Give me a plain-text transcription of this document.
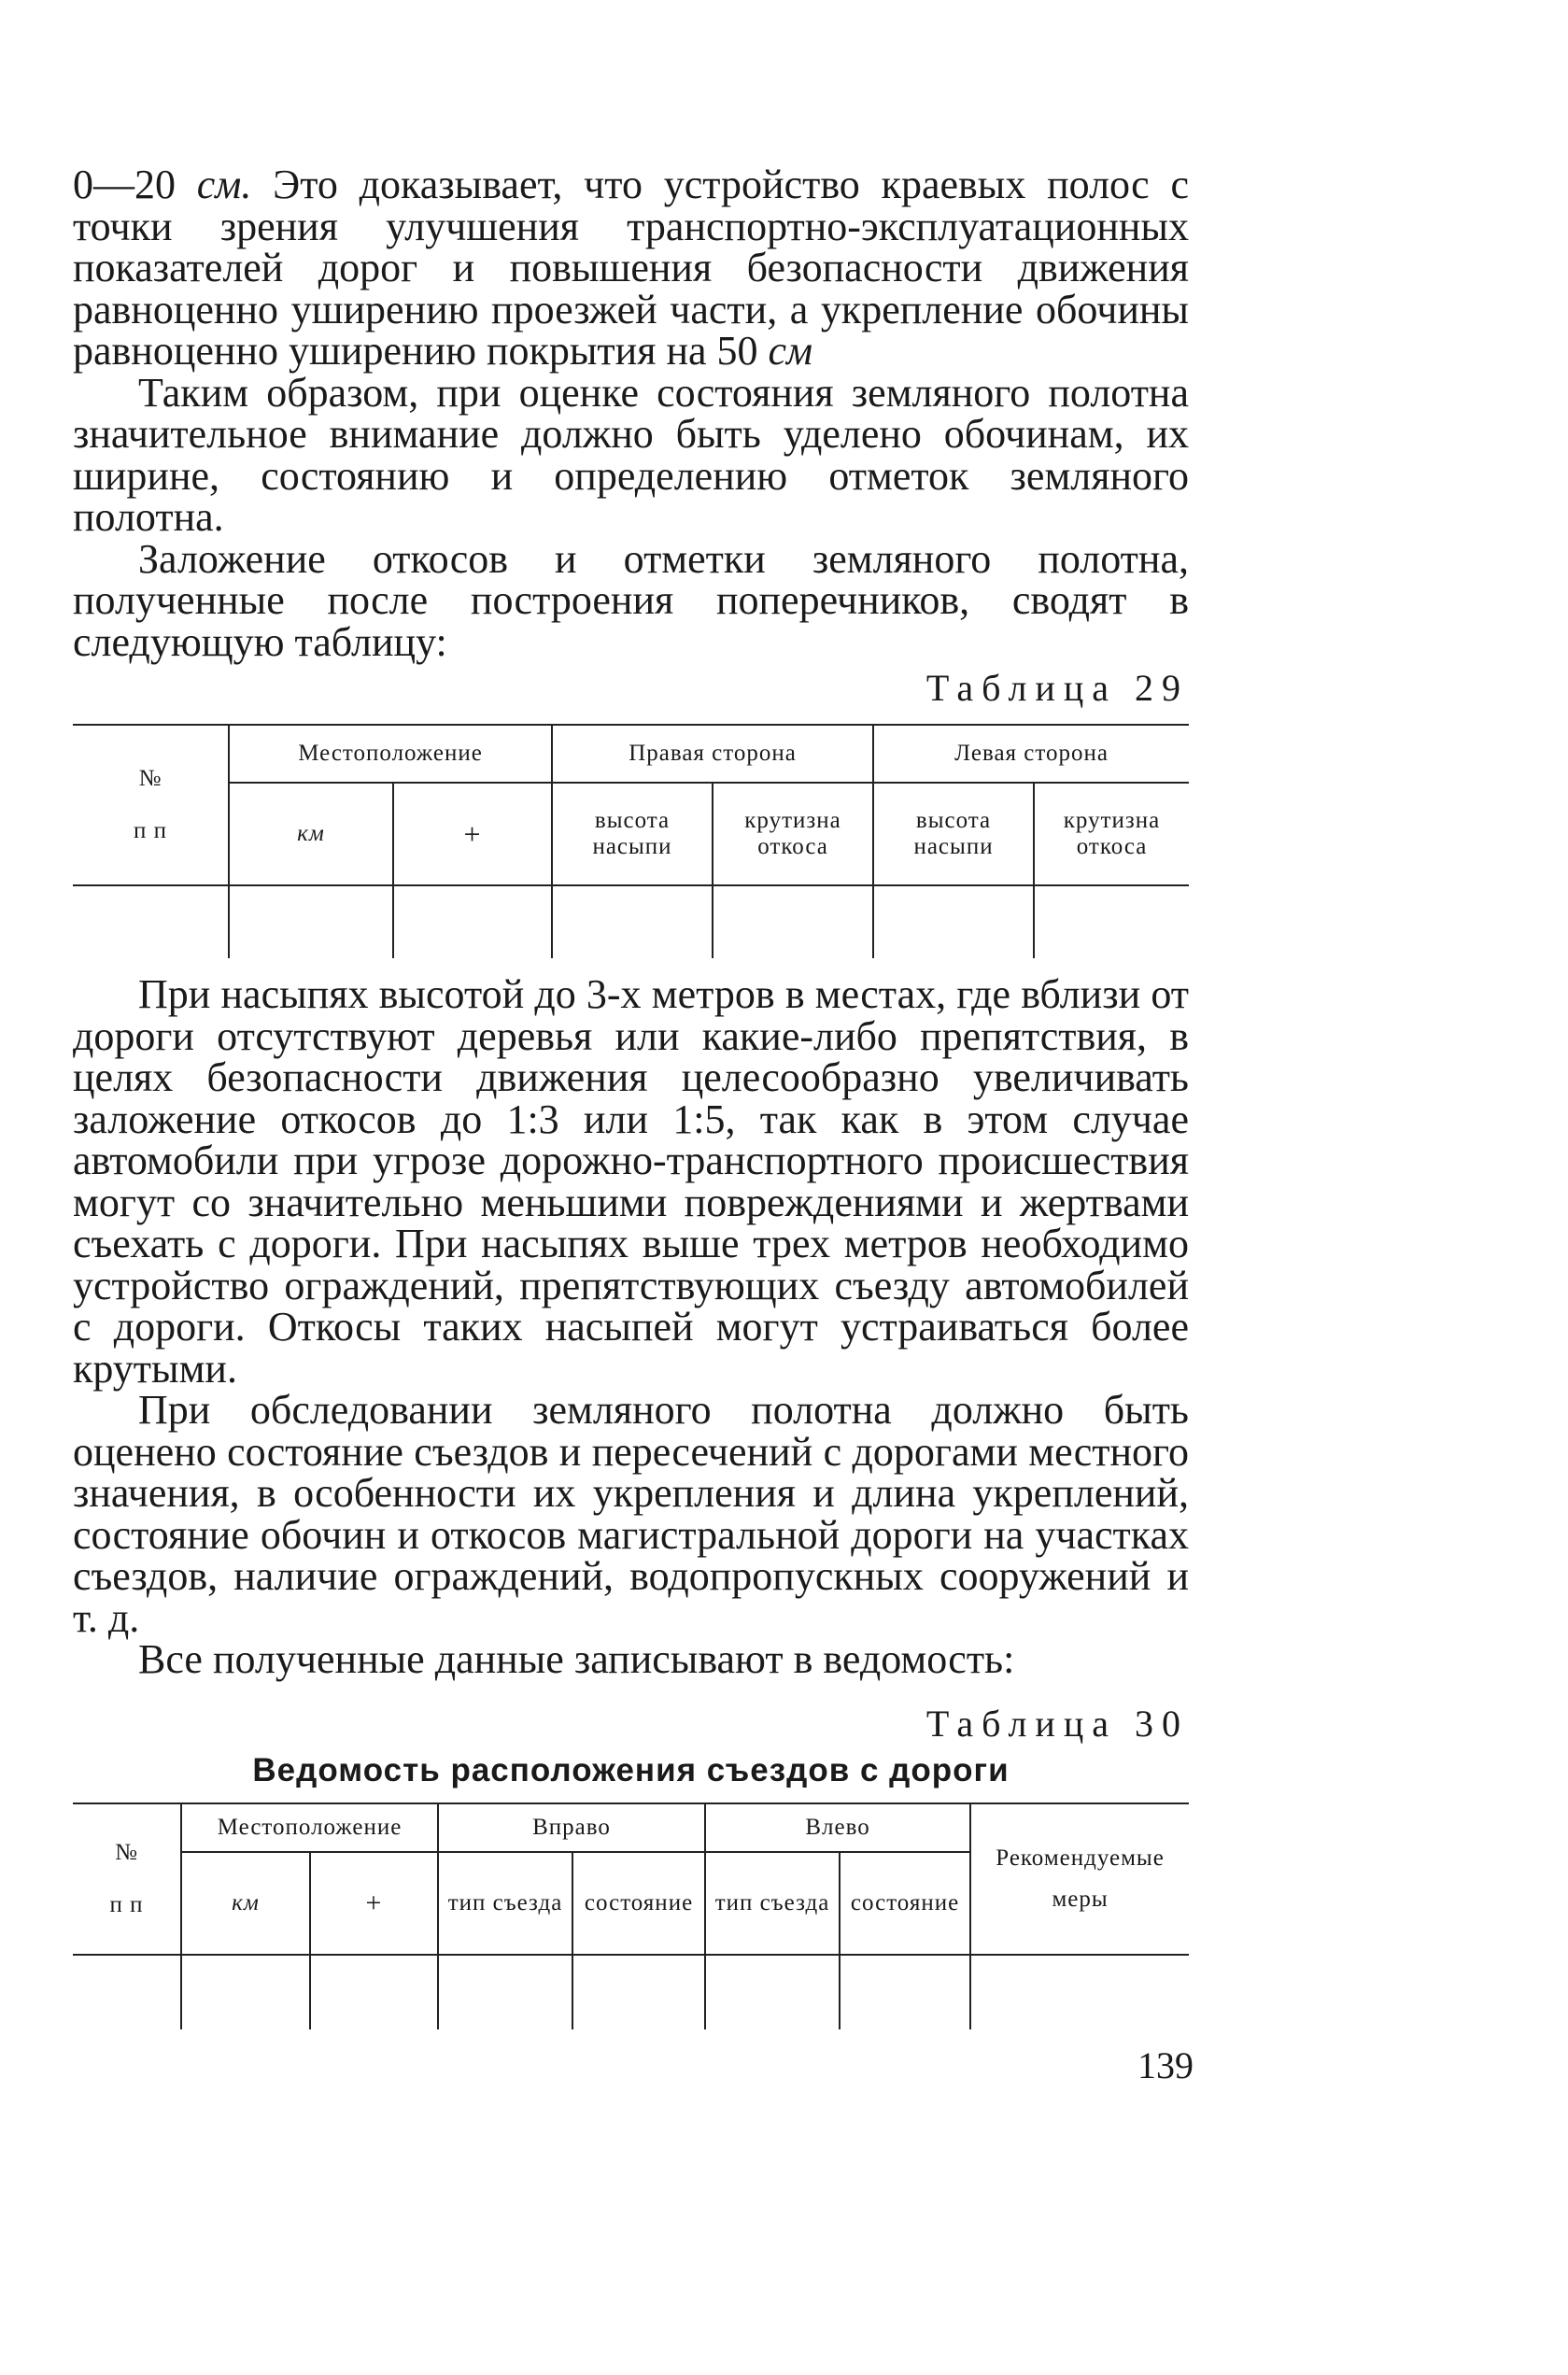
0—20 см. Это доказывает, что устройство краевых полос с точки зрения улучшения транспортно-эксплуатационных показателей дорог и повышения безопасности движения равноценно уширению проезжей части, а укрепление обочины равноценно уширению покрытия на 50 см

Таким образом, при оценке состояния земляного полотна значительное внимание должно быть уделено обочинам, их ширине, состоянию и определению отметок земляного полотна.

Заложение откосов и отметки земляного полотна, полученные после построения поперечников, сводят в следующую таблицу:

Таблица 29

№

п п	Местоположение		Правая сторона		Левая сторона	
	км	+	высота насыпи	крутизна откоса	высота насыпи	крутизна откоса

При насыпях высотой до 3-х метров в местах, где вблизи от дороги отсутствуют деревья или какие-либо препятствия, в целях безопасности движения целесообразно увеличивать заложение откосов до 1:3 или 1:5, так как в этом случае автомобили при угрозе дорожно-транспортного происшествия могут со значительно меньшими повреждениями и жертвами съехать с дороги. При насыпях выше трех метров необходимо устройство ограждений, препятствующих съезду автомобилей с дороги. Откосы таких насыпей могут устраиваться более крутыми.

При обследовании земляного полотна должно быть оценено состояние съездов и пересечений с дорогами местного значения, в особенности их укрепления и длина укреплений, состояние обочин и откосов магистральной дороги на участках съездов, наличие ограждений, водопропускных сооружений и т. д.

Все полученные данные записывают в ведомость:

Таблица 30

Ведомость расположения съездов с дороги

№

п п	Местоположение		Вправо		Влево		Рекомендуемые меры
	км	+	тип съезда	состояние	тип съезда	состояние	

139
